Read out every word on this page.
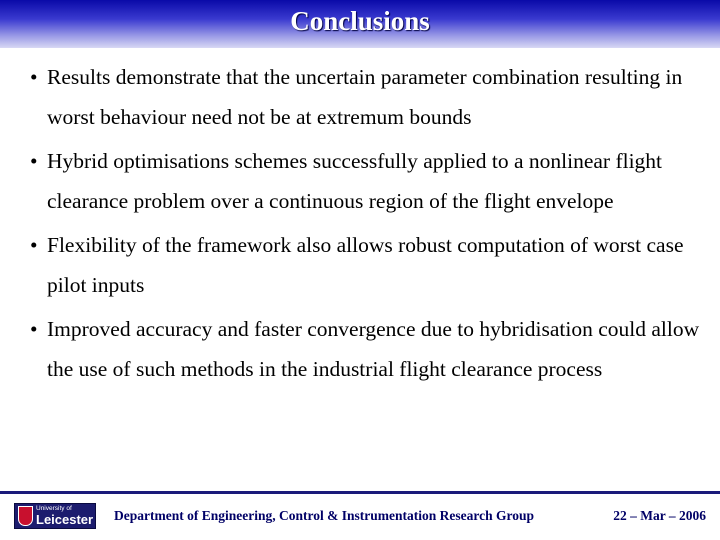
Conclusions
• Results demonstrate that the uncertain parameter combination resulting in worst behaviour need not be at extremum bounds
• Hybrid optimisations schemes successfully applied to a nonlinear flight clearance problem over a continuous region of the flight envelope
• Flexibility of the framework also allows robust computation of worst case pilot inputs
• Improved accuracy and faster convergence due to hybridisation could allow the use of such methods in the industrial flight clearance process
University of
Leicester Department of Engineering, Control & Instrumentation Research Group	22 – Mar – 2006
